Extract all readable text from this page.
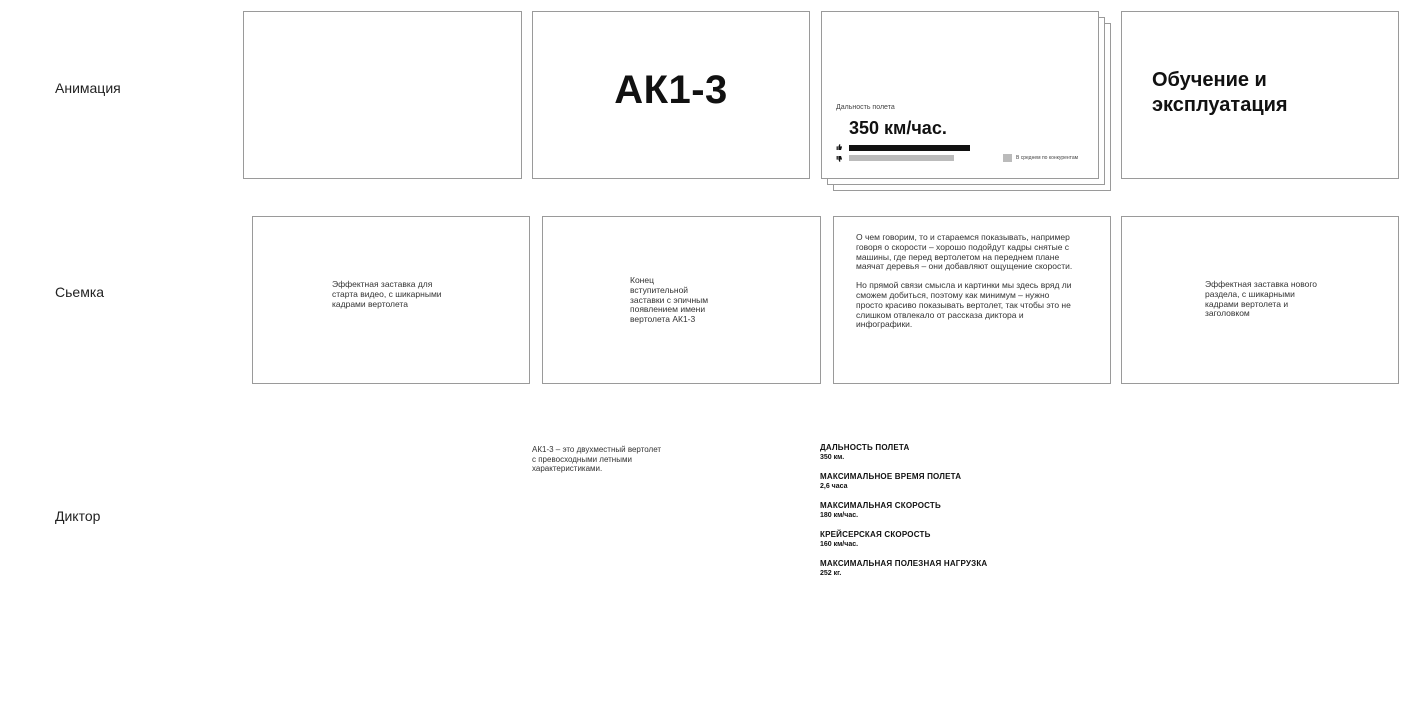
Анимация
Сьемка
Диктор
АК1-3	Дальность полета
350 км/час.
В среднем по конкурентам
Обучение и эксплуатация
Эффектная заставка для старта видео, с шикарными кадрами вертолета
Конец вступительной заставки с эпичным появлением имени вертолета АК1-3
О чем говорим, то и стараемся показывать, например говоря о скорости – хорошо подойдут кадры снятые с машины, где перед вертолетом на переднем плане маячат деревья – они добавляют ощущение скорости.
Но прямой связи смысла и картинки мы здесь вряд ли сможем добиться, поэтому как минимум – нужно просто красиво показывать вертолет, так чтобы это не слишком отвлекало от рассказа диктора и инфографики.
Эффектная заставка нового раздела, с шикарными кадрами вертолета и заголовком
АК1-3 – это двухместный вертолет с превосходными летными характеристиками.
ДАЛЬНОСТЬ ПОЛЕТА
350 км.
МАКСИМАЛЬНОЕ ВРЕМЯ ПОЛЕТА
2,6 часа
МАКСИМАЛЬНАЯ СКОРОСТЬ
180 км/час.
КРЕЙСЕРСКАЯ СКОРОСТЬ
160 км/час.
МАКСИМАЛЬНАЯ ПОЛЕЗНАЯ НАГРУЗКА
252 кг.
